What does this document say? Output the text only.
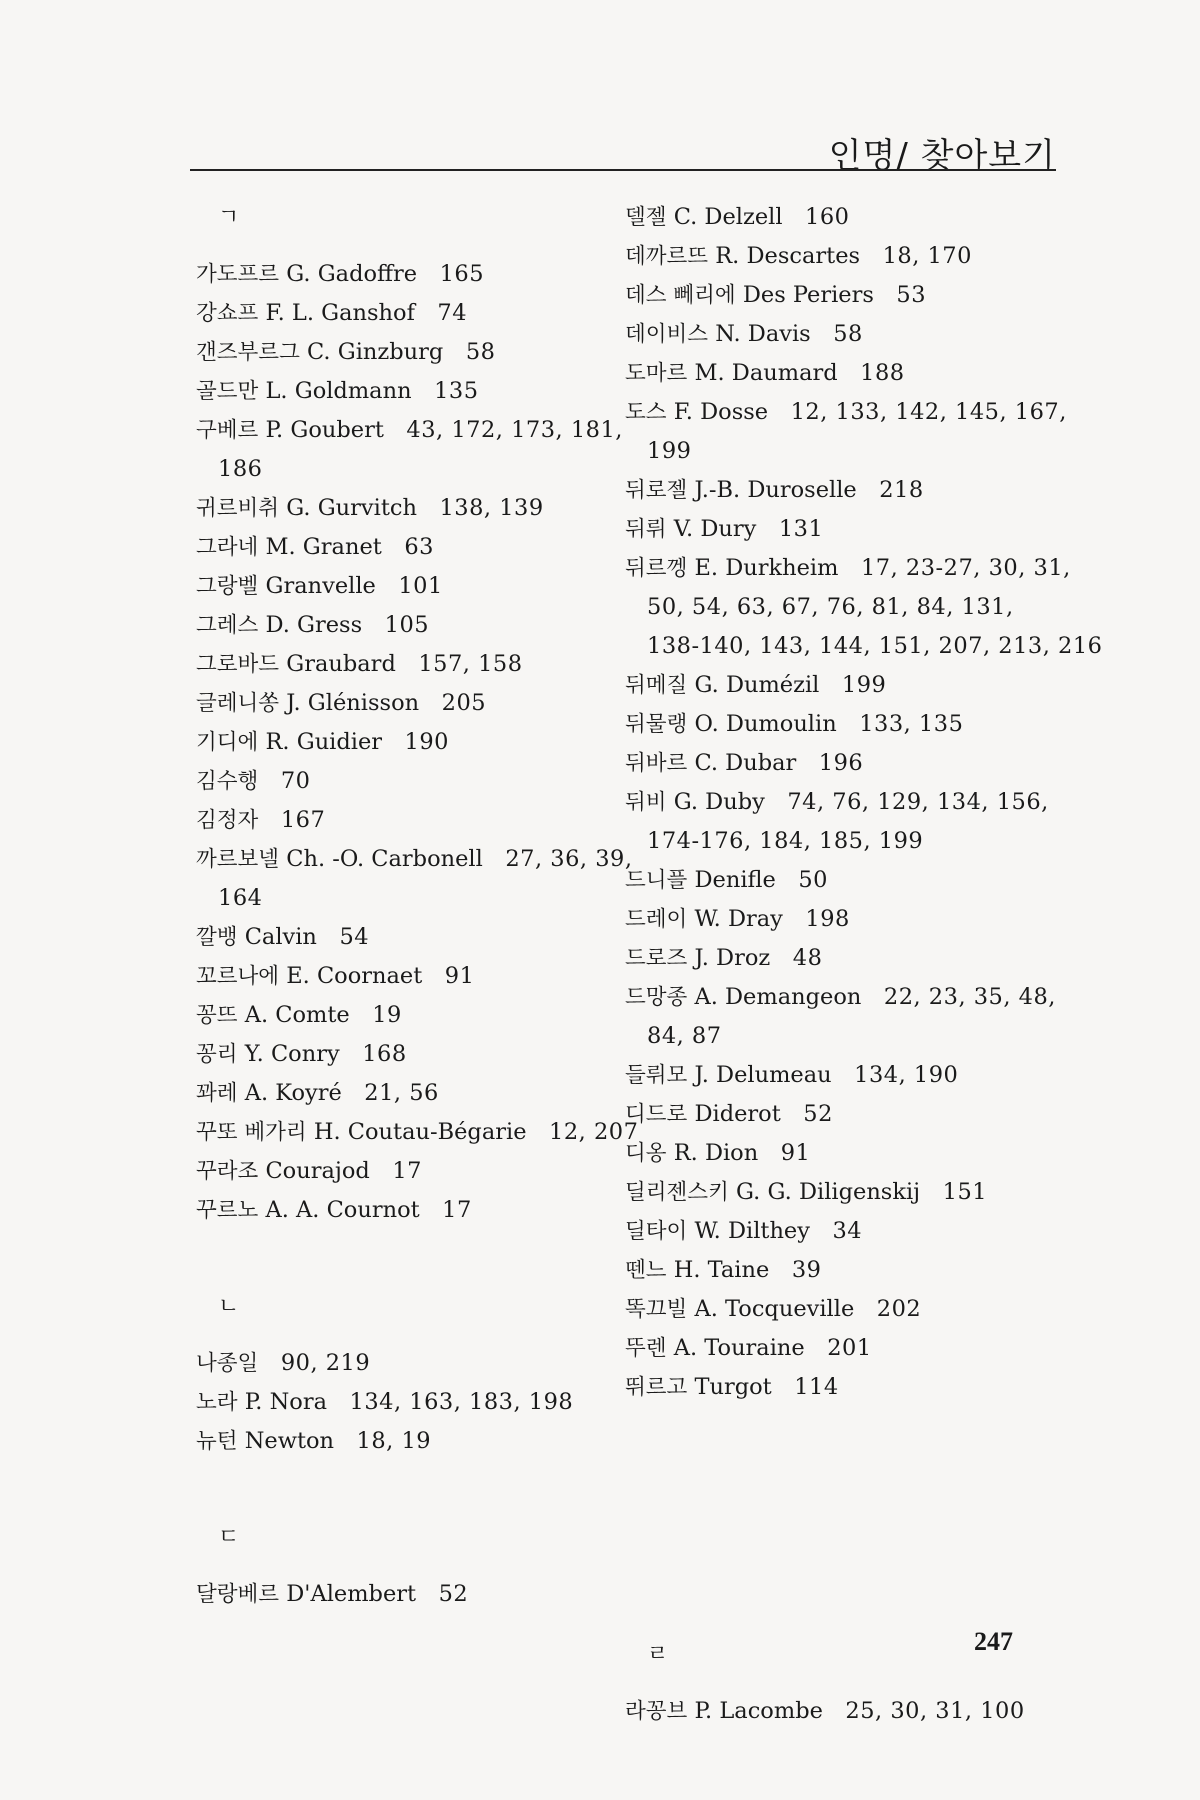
인명/ 찾아보기
ㄱ
가도프르 G. Gadoffre  165
강쇼프 F. L. Ganshof  74
갠즈부르그 C. Ginzburg  58
골드만 L. Goldmann  135
구베르 P. Goubert  43, 172, 173, 181,
186
귀르비취 G. Gurvitch  138, 139
그라네 M. Granet  63
그랑벨 Granvelle  101
그레스 D. Gress  105
그로바드 Graubard  157, 158
글레니쏭 J. Glénisson  205
기디에 R. Guidier  190
김수행  70
김정자  167
까르보넬 Ch. -O. Carbonell  27, 36, 39,
164
깔뱅 Calvin  54
꼬르나에 E. Coornaet  91
꽁뜨 A. Comte  19
꽁리 Y. Conry  168
꽈레 A. Koyré  21, 56
꾸또 베가리 H. Coutau-Bégarie  12, 207
꾸라조 Courajod  17
꾸르노 A. A. Cournot  17
ㄴ
나종일  90, 219
노라 P. Nora  134, 163, 183, 198
뉴턴 Newton  18, 19
ㄷ
달랑베르 D'Alembert  52
델젤 C. Delzell  160
데까르뜨 R. Descartes  18, 170
데스 뻬리에 Des Periers  53
데이비스 N. Davis  58
도마르 M. Daumard  188
도스 F. Dosse  12, 133, 142, 145, 167,
199
뒤로젤 J.-B. Duroselle  218
뒤뤼 V. Dury  131
뒤르껭 E. Durkheim  17, 23-27, 30, 31,
50, 54, 63, 67, 76, 81, 84, 131,
138-140, 143, 144, 151, 207, 213, 216
뒤메질 G. Dumézil  199
뒤물랭 O. Dumoulin  133, 135
뒤바르 C. Dubar  196
뒤비 G. Duby  74, 76, 129, 134, 156,
174-176, 184, 185, 199
드니플 Denifle  50
드레이 W. Dray  198
드로즈 J. Droz  48
드망종 A. Demangeon  22, 23, 35, 48,
84, 87
들뤼모 J. Delumeau  134, 190
디드로 Diderot  52
디옹 R. Dion  91
딜리젠스키 G. G. Diligenskij  151
딜타이 W. Dilthey  34
뗀느 H. Taine  39
똑끄빌 A. Tocqueville  202
뚜렌 A. Touraine  201
뛰르고 Turgot  114
ㄹ
라꽁브 P. Lacombe  25, 30, 31, 100
247
